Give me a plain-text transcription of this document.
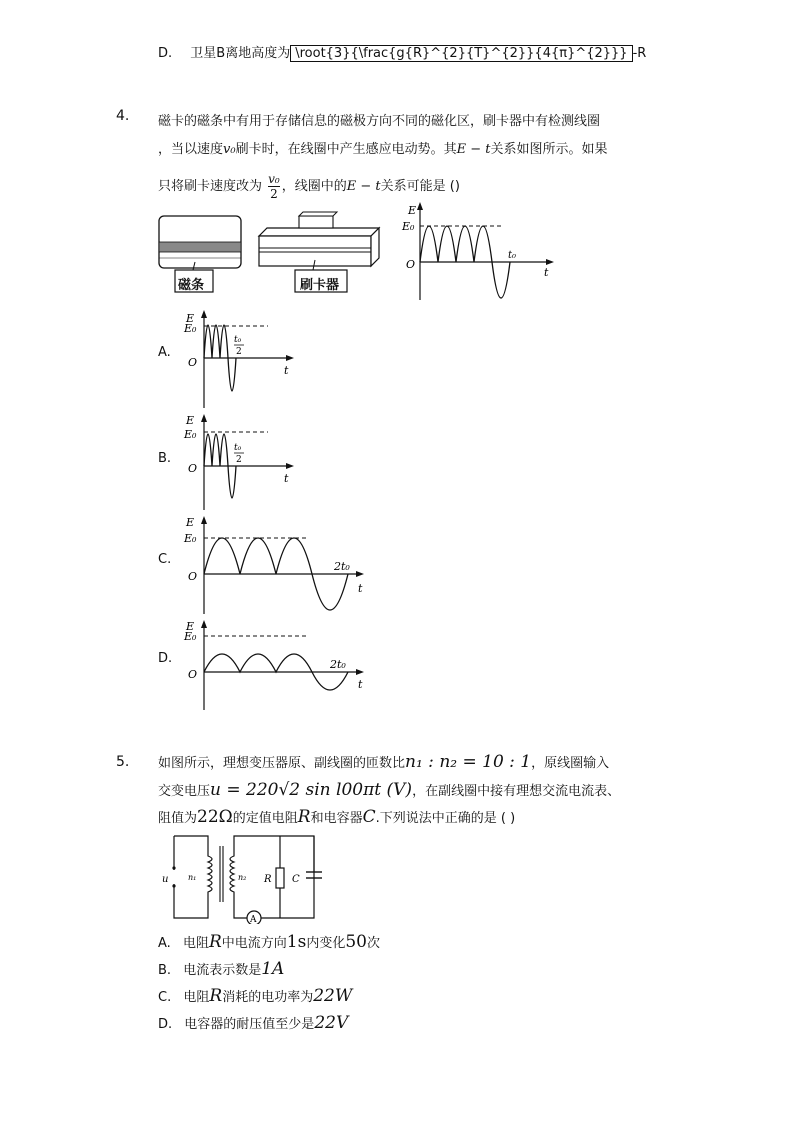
D. 卫星B离地高度为 \root{3}{\frac{g{R}^{2}{T}^{2}}{4{π}^{2}}} -R
4. 磁卡的磁条中有用于存储信息的磁极方向不同的磁化区，刷卡器中有检测线圈
，当以速度v₀刷卡时，在线圈中产生感应电动势。其E − t关系如图所示。如果
只将刷卡速度改为 $\frac{\text{v₀}}{2}$ ，线圈中的E − t关系可能是 ()
磁条	刷卡器
E
E₀
O
t
t₀
A.
E
E₀
O
t
t₀
2
B.
E
E₀
O
t
t₀
2
C.
E
E₀
O
t
2t₀
D.
E
E₀
O
t
2t₀
5. 如图所示，理想变压器原、副线圈的匝数比n₁ : n₂ = 10 : 1，原线圈输入
交变电压u = 220√2 sin l00πt (V)，在副线圈中接有理想交流电流表、
阻值为22Ω的定值电阻R和电容器C.下列说法中正确的是 ( )
u n₁	n₂ R C
A
A. 电阻R中电流方向1s内变化50次
B. 电流表示数是1A
C. 电阻R消耗的电功率为22W
D. 电容器的耐压值至少是22V
